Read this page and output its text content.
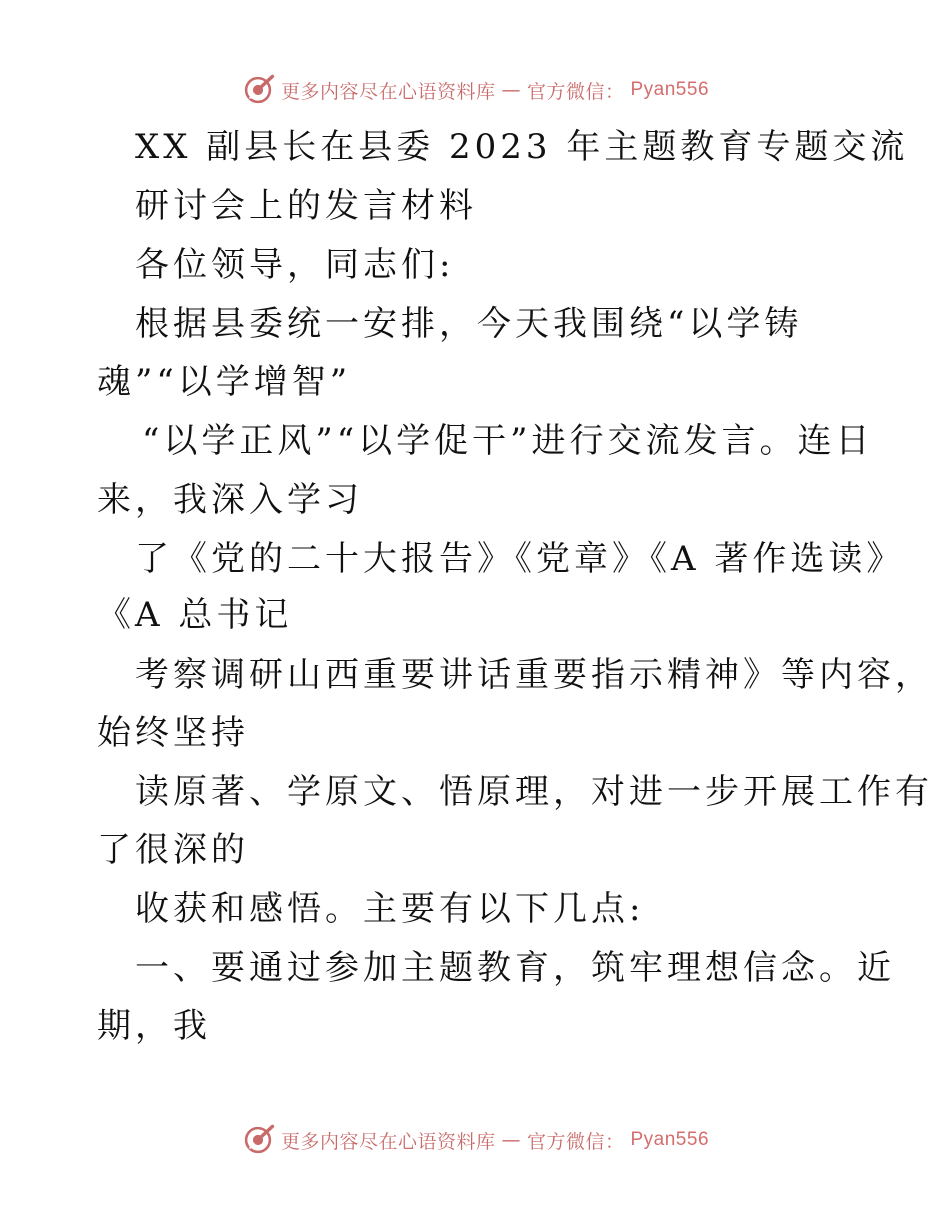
更多内容尽在心语资料库 — 官方微信： Pyan556
XX 副县长在县委 2023 年主题教育专题交流
研讨会上的发言材料
各位领导，同志们:
根据县委统一安排，今天我围绕“以学铸
魂”“以学增智”
“以学正风”“以学促干”进行交流发言。连日
来，我深入学习
了《党的二十大报告》《党章》《A 著作选读》
《A 总书记
考察调研山西重要讲话重要指示精神》等内容，
始终坚持
读原著、学原文、悟原理，对进一步开展工作有
了很深的
收获和感悟。主要有以下几点:
一、要通过参加主题教育，筑牢理想信念。近
期，我
更多内容尽在心语资料库 — 官方微信： Pyan556
